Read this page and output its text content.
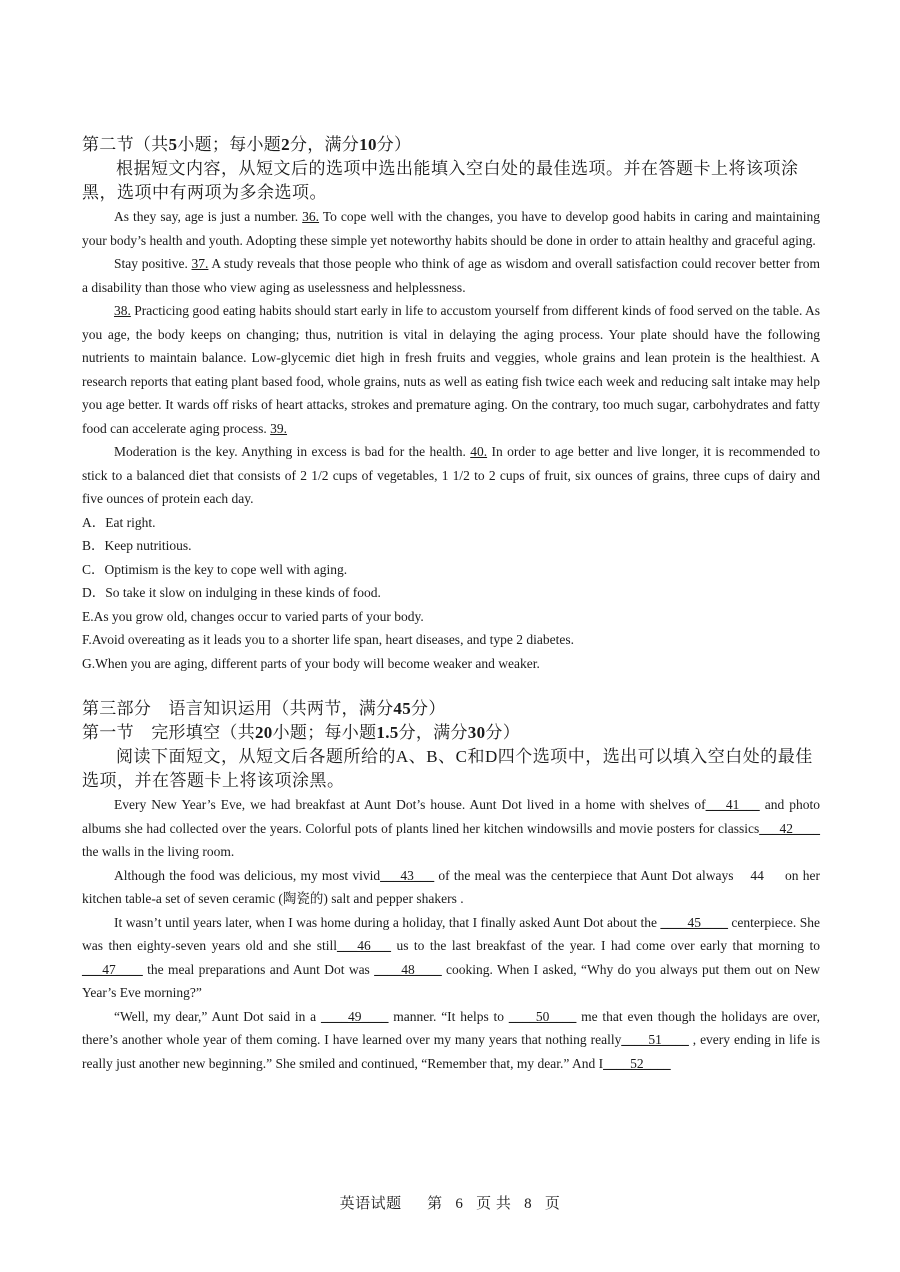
第二节（共5小题；每小题2分，满分10分）

根据短文内容，从短文后的选项中选出能填入空白处的最佳选项。并在答题卡上将该项涂黑，选项中有两项为多余选项。

As they say, age is just a number. 36. To cope well with the changes, you have to develop good habits in caring and maintaining your body’s health and youth. Adopting these simple yet noteworthy habits should be done in order to attain healthy and graceful aging.

Stay positive. 37. A study reveals that those people who think of age as wisdom and overall satisfaction could recover better from a disability than those who view aging as uselessness and helplessness.

38. Practicing good eating habits should start early in life to accustom yourself from different kinds of food served on the table. As you age, the body keeps on changing; thus, nutrition is vital in delaying the aging process. Your plate should have the following nutrients to maintain balance. Low-glycemic diet high in fresh fruits and veggies, whole grains and lean protein is the healthiest. A research reports that eating plant based food, whole grains, nuts as well as eating fish twice each week and reducing salt intake may help you age better. It wards off risks of heart attacks, strokes and premature aging. On the contrary, too much sugar, carbohydrates and fatty food can accelerate aging process. 39.

Moderation is the key. Anything in excess is bad for the health. 40. In order to age better and live longer, it is recommended to stick to a balanced diet that consists of 2 1/2 cups of vegetables, 1 1/2 to 2 cups of fruit, six ounces of grains, three cups of dairy and five ounces of protein each day.

A．Eat right.

B．Keep nutritious.

C．Optimism is the key to cope well with aging.

D．So take it slow on indulging in these kinds of food.

E.As you grow old, changes occur to varied parts of your body.

F.Avoid overeating as it leads you to a shorter life span, heart diseases, and type 2 diabetes.

G.When you are aging, different parts of your body will become weaker and weaker.

第三部分　语言知识运用（共两节，满分45分）

第一节　完形填空（共20小题；每小题1.5分，满分30分）

阅读下面短文，从短文后各题所给的A、B、C和D四个选项中，选出可以填入空白处的最佳选项，并在答题卡上将该项涂黑。

Every New Year’s Eve, we had breakfast at Aunt Dot’s house. Aunt Dot lived in a home with shelves of___41___ and photo albums she had collected over the years. Colorful pots of plants lined her kitchen windowsills and movie posters for classics___42____ the walls in the living room.

Although the food was delicious, my most vivid___43___ of the meal was the centerpiece that Aunt Dot always    44     on her kitchen table-a set of seven ceramic (陶瓷的) salt and pepper shakers .

It wasn’t until years later, when I was home during a holiday, that I finally asked Aunt Dot about the ____45____ centerpiece. She was then eighty-seven years old and she still___46___ us to the last breakfast of the year. I had come over early that morning to ___47____ the meal preparations and Aunt Dot was ____48____ cooking. When I asked, “Why do you always put them out on New Year’s Eve morning?”

“Well, my dear,” Aunt Dot said in a ____49____ manner. “It helps to ____50____ me that even though the holidays are over, there’s another whole year of them coming. I have learned over my many years that nothing really____51____ , every ending in life is really just another new beginning.” She smiled and continued, “Remember that, my dear.” And I____52____

英语试题 第 6 页 共 8 页
